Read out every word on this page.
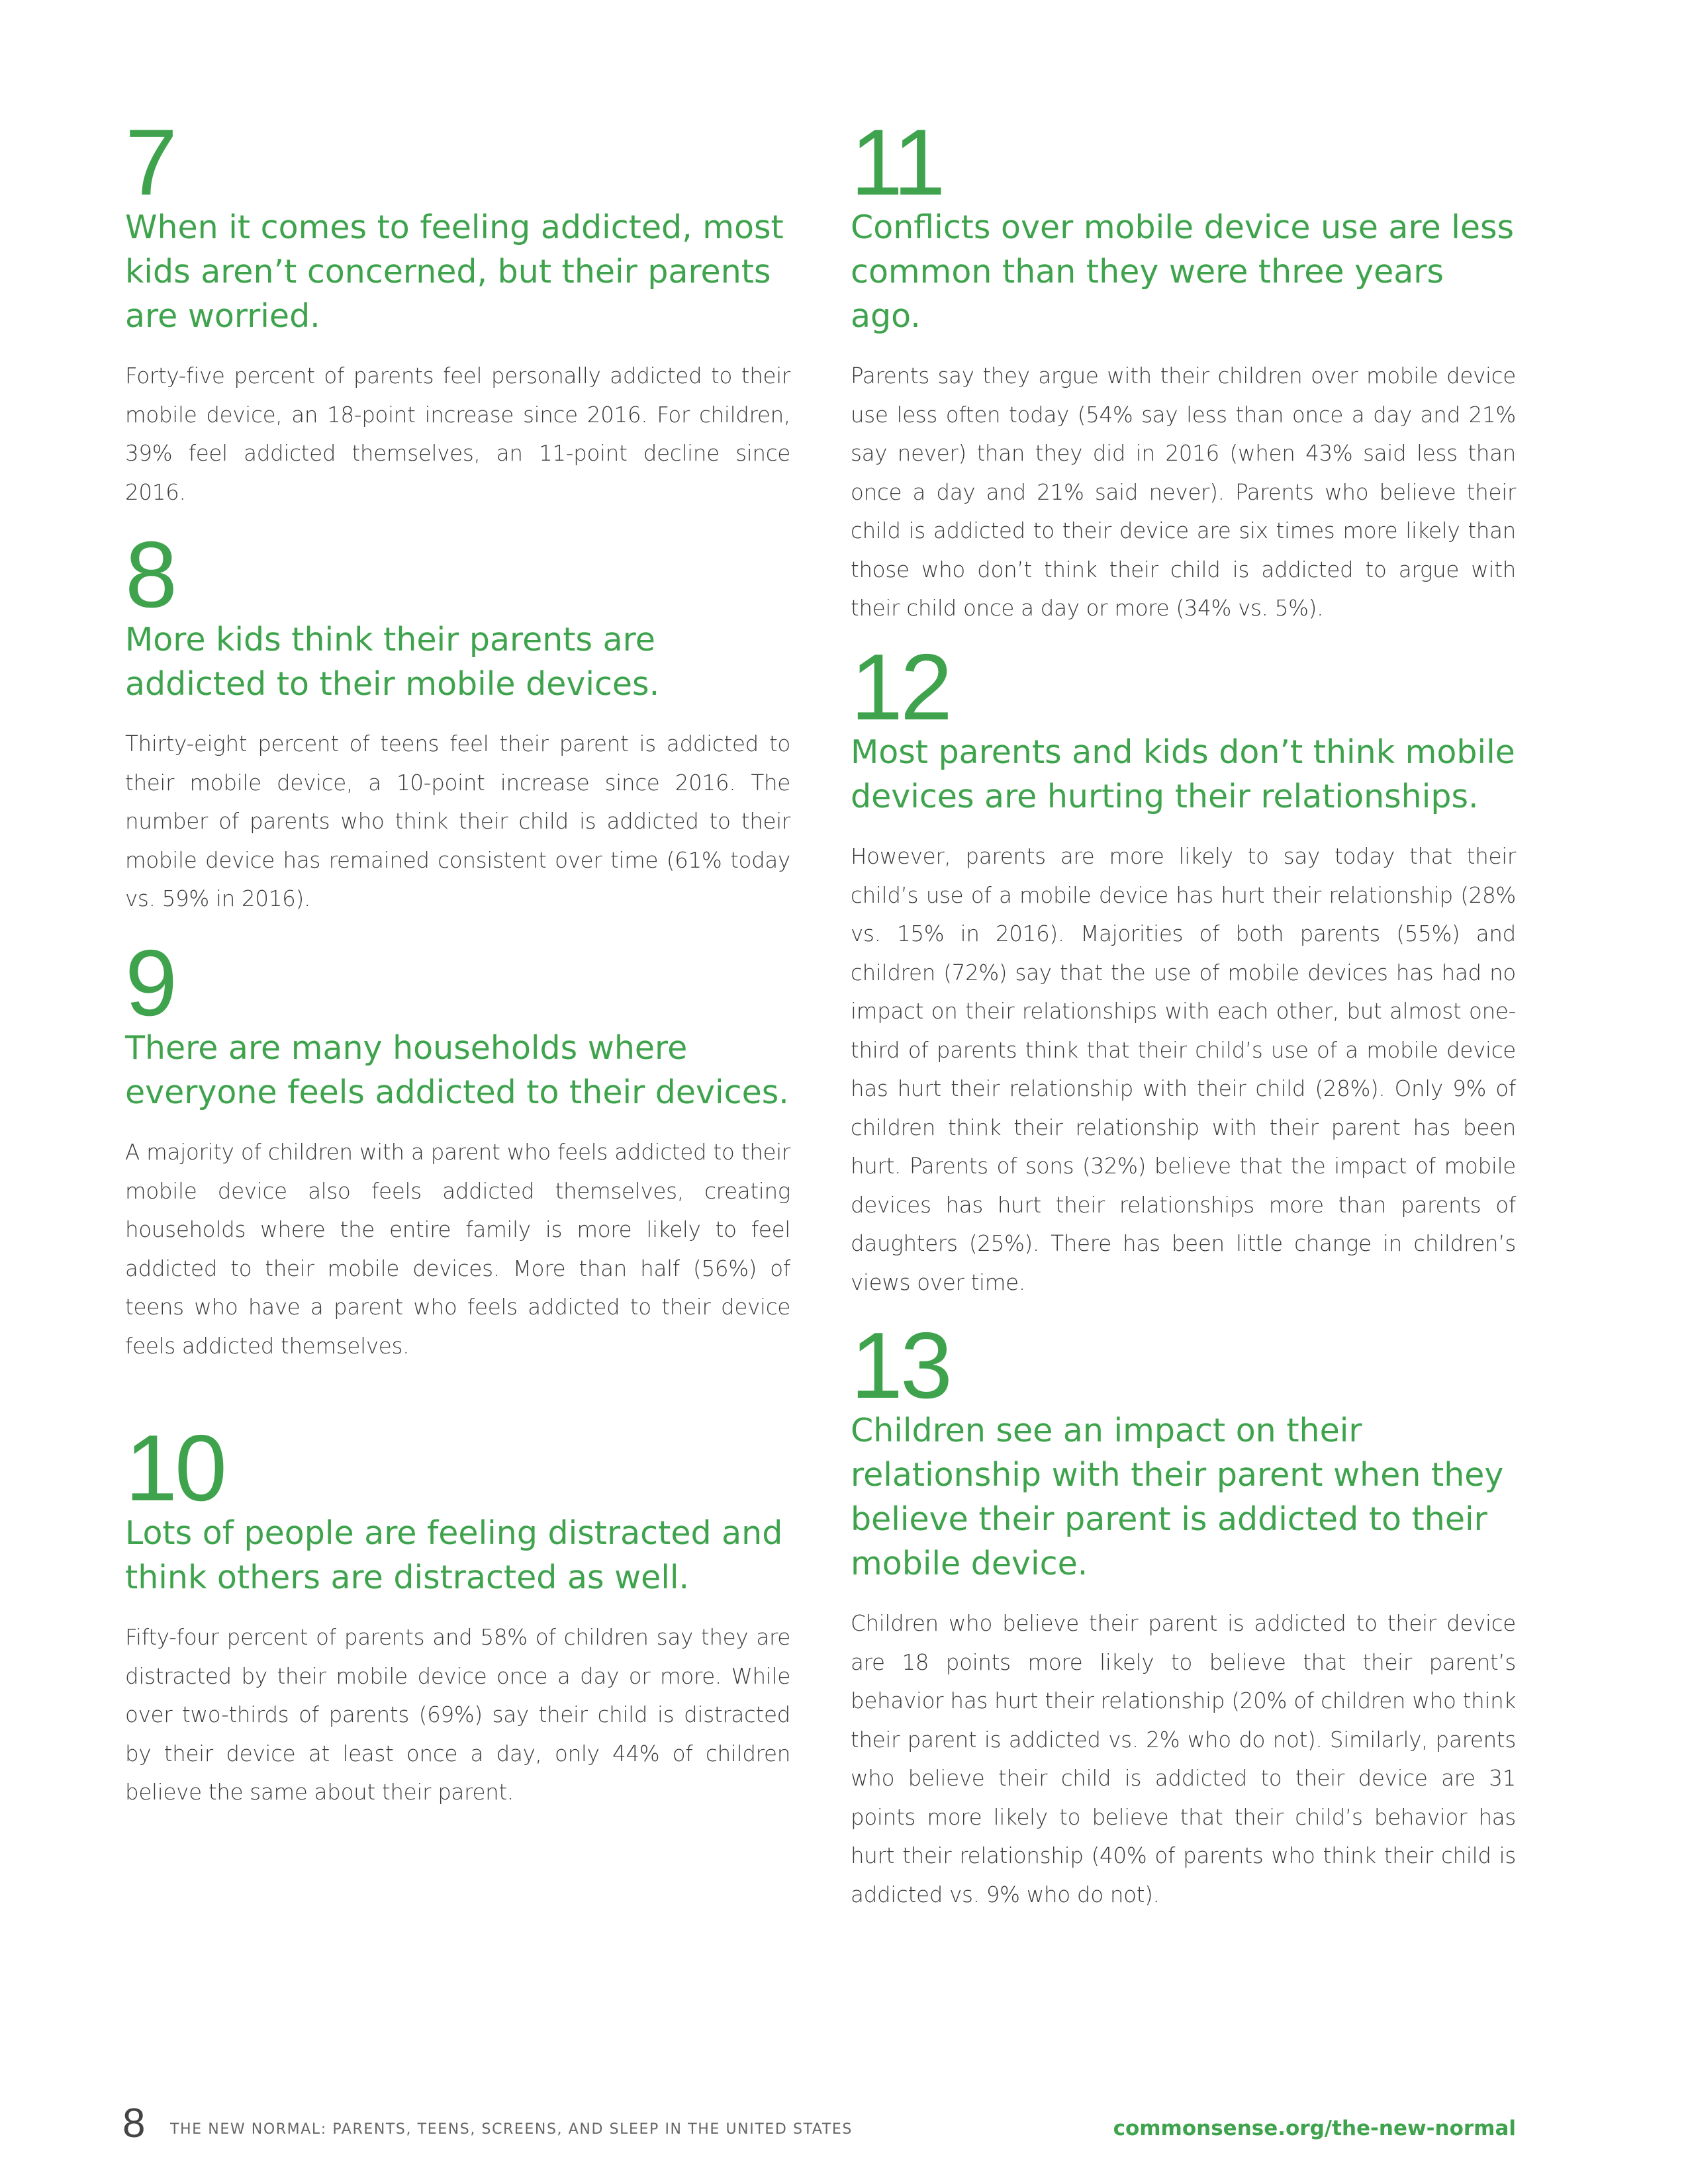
7
When it comes to feeling addicted, most kids aren’t concerned, but their parents are worried.

Forty-five percent of parents feel personally addicted to their mobile device, an 18-point increase since 2016. For children, 39% feel addicted themselves, an 11-point decline since 2016.

8
More kids think their parents are addicted to their mobile devices.

Thirty-eight percent of teens feel their parent is addicted to their mobile device, a 10-point increase since 2016. The number of parents who think their child is addicted to their mobile device has remained consistent over time (61% today vs. 59% in 2016).

9
There are many households where everyone feels addicted to their devices.

A majority of children with a parent who feels addicted to their mobile device also feels addicted themselves, creating households where the entire family is more likely to feel addicted to their mobile devices. More than half (56%) of teens who have a parent who feels addicted to their device feels addicted themselves.

10
Lots of people are feeling distracted and think others are distracted as well.

Fifty-four percent of parents and 58% of children say they are distracted by their mobile device once a day or more. While over two-thirds of parents (69%) say their child is distracted by their device at least once a day, only 44% of children believe the same about their parent.

11
Conflicts over mobile device use are less common than they were three years ago.

Parents say they argue with their children over mobile device use less often today (54% say less than once a day and 21% say never) than they did in 2016 (when 43% said less than once a day and 21% said never). Parents who believe their child is addicted to their device are six times more likely than those who don’t think their child is addicted to argue with their child once a day or more (34% vs. 5%).

12
Most parents and kids don’t think mobile devices are hurting their relationships.

However, parents are more likely to say today that their child’s use of a mobile device has hurt their relationship (28% vs. 15% in 2016). Majorities of both parents (55%) and children (72%) say that the use of mobile devices has had no impact on their relationships with each other, but almost one-third of parents think that their child’s use of a mobile device has hurt their relationship with their child (28%). Only 9% of children think their relationship with their parent has been hurt. Parents of sons (32%) believe that the impact of mobile devices has hurt their relationships more than parents of daughters (25%). There has been little change in children’s views over time.

13
Children see an impact on their relationship with their parent when they believe their parent is addicted to their mobile device.

Children who believe their parent is addicted to their device are 18 points more likely to believe that their parent’s behavior has hurt their relationship (20% of children who think their parent is addicted vs. 2% who do not). Similarly, parents who believe their child is addicted to their device are 31 points more likely to believe that their child’s behavior has hurt their relationship (40% of parents who think their child is addicted vs. 9% who do not).

8 THE NEW NORMAL: PARENTS, TEENS, SCREENS, AND SLEEP IN THE UNITED STATES	commonsense.org/the-new-normal
